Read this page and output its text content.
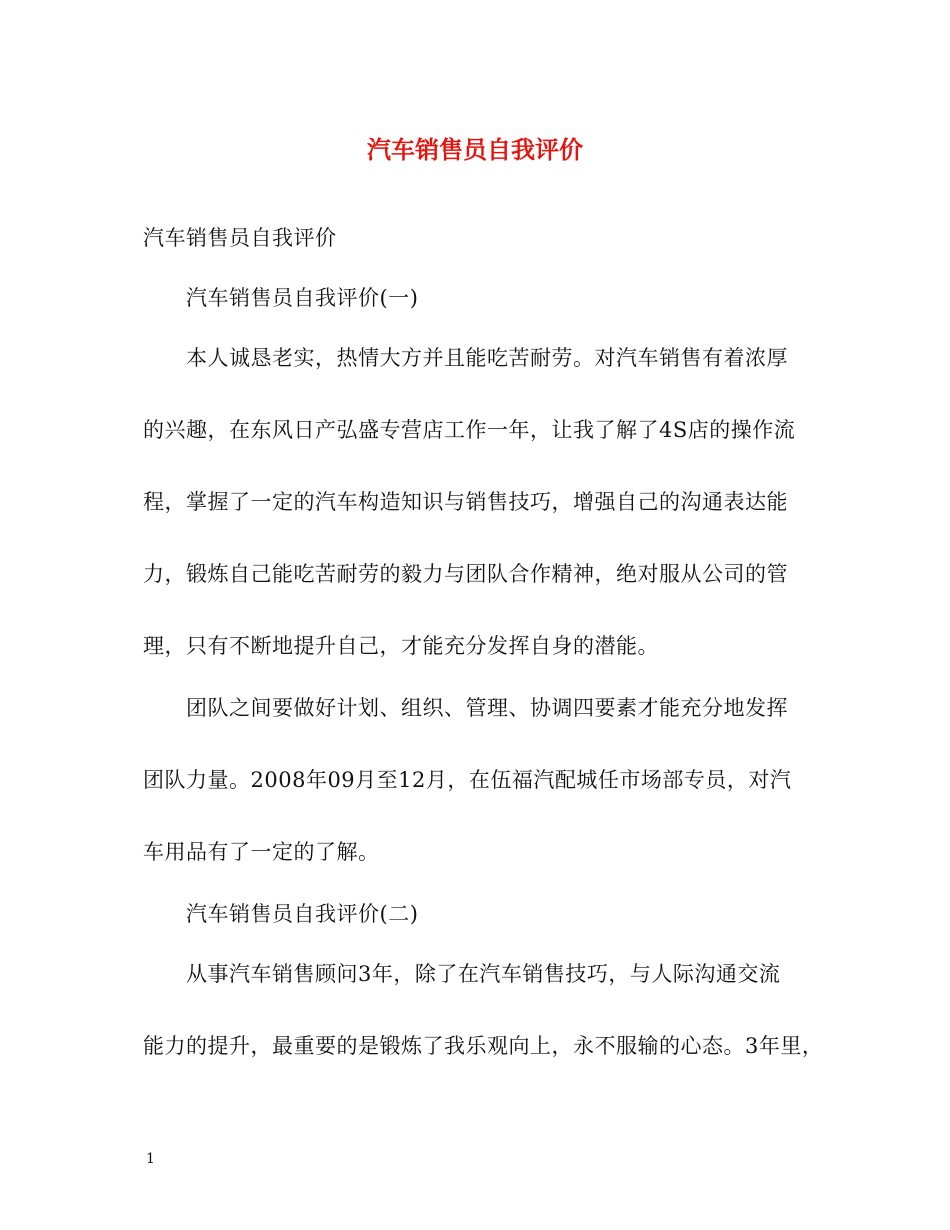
汽车销售员自我评价
汽车销售员自我评价
汽车销售员自我评价(一)
本人诚恳老实，热情大方并且能吃苦耐劳。对汽车销售有着浓厚
的兴趣，在东风日产弘盛专营店工作一年，让我了解了4S店的操作流
程，掌握了一定的汽车构造知识与销售技巧，增强自己的沟通表达能
力，锻炼自己能吃苦耐劳的毅力与团队合作精神，绝对服从公司的管
理，只有不断地提升自己，才能充分发挥自身的潜能。
团队之间要做好计划、组织、管理、协调四要素才能充分地发挥
团队力量。2008年09月至12月，在伍福汽配城任市场部专员，对汽
车用品有了一定的了解。
汽车销售员自我评价(二)
从事汽车销售顾问3年，除了在汽车销售技巧，与人际沟通交流
能力的提升，最重要的是锻炼了我乐观向上，永不服输的心态。3年里，
1
